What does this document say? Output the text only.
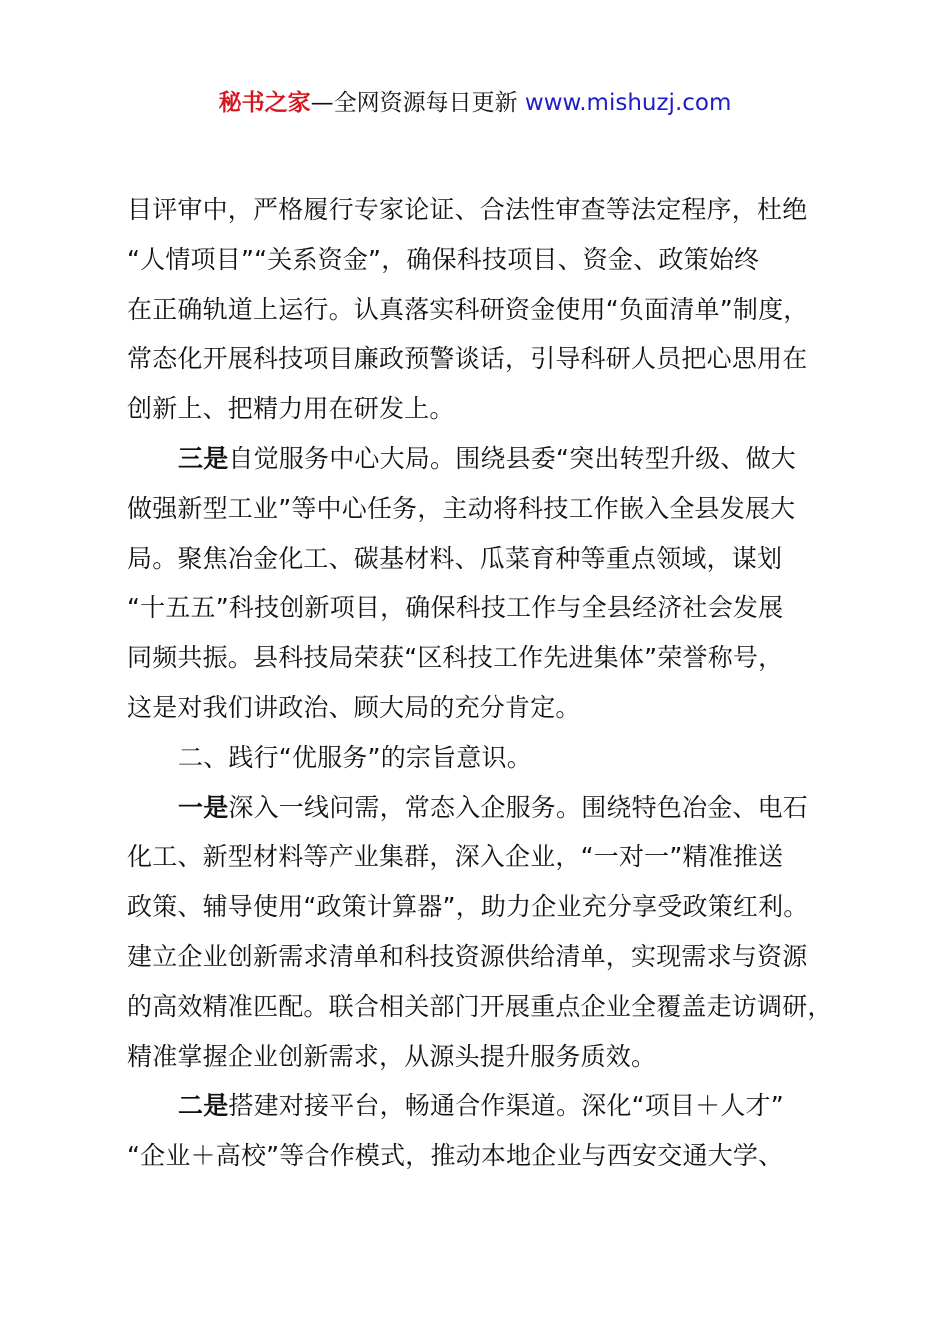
秘书之家—全网资源每日更新 www.mishuzj.com
目评审中，严格履行专家论证、合法性审查等法定程序，杜绝
“人情项目”“关系资金”，确保科技项目、资金、政策始终
在正确轨道上运行。认真落实科研资金使用“负面清单”制度，
常态化开展科技项目廉政预警谈话，引导科研人员把心思用在
创新上、把精力用在研发上。
三是自觉服务中心大局。围绕县委“突出转型升级、做大
做强新型工业”等中心任务，主动将科技工作嵌入全县发展大
局。聚焦冶金化工、碳基材料、瓜菜育种等重点领域，谋划
“十五五”科技创新项目，确保科技工作与全县经济社会发展
同频共振。县科技局荣获“区科技工作先进集体”荣誉称号，
这是对我们讲政治、顾大局的充分肯定。
二、践行“优服务”的宗旨意识。
一是深入一线问需，常态入企服务。围绕特色冶金、电石
化工、新型材料等产业集群，深入企业，“一对一”精准推送
政策、辅导使用“政策计算器”，助力企业充分享受政策红利。
建立企业创新需求清单和科技资源供给清单，实现需求与资源
的高效精准匹配。联合相关部门开展重点企业全覆盖走访调研，
精准掌握企业创新需求，从源头提升服务质效。
二是搭建对接平台，畅通合作渠道。深化“项目＋人才”
“企业＋高校”等合作模式，推动本地企业与西安交通大学、
